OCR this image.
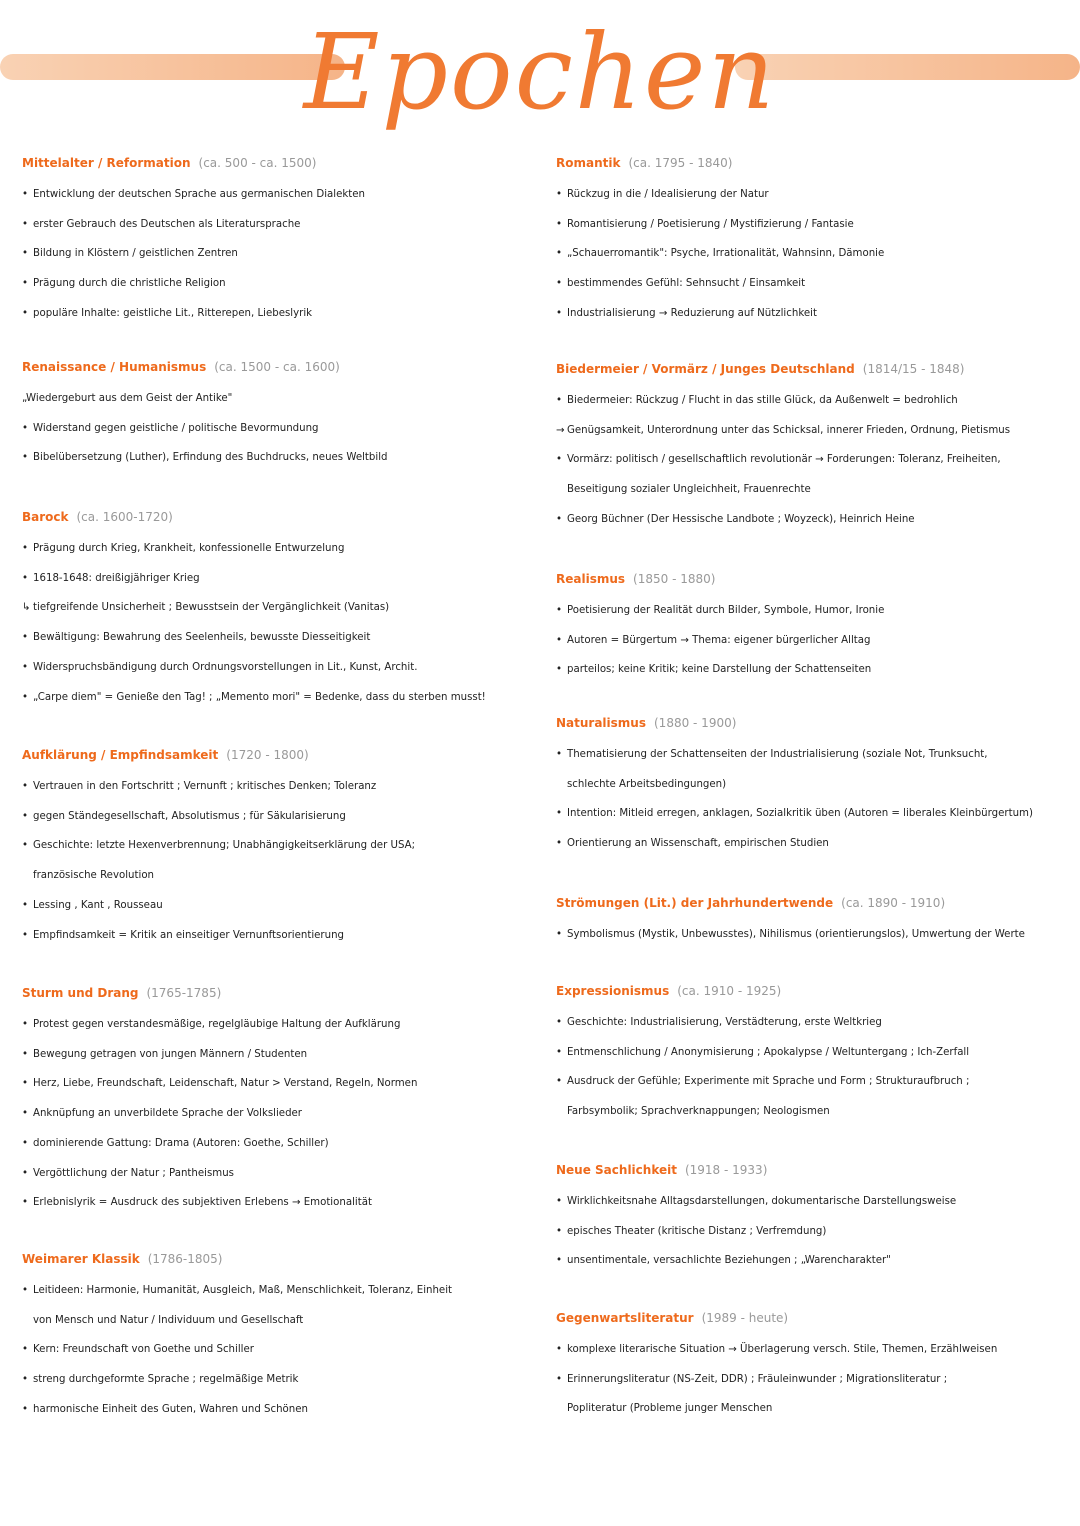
Epochen
Mittelalter / Reformation (ca. 500 - ca. 1500)
• Entwicklung der deutschen Sprache aus germanischen Dialekten
• erster Gebrauch des Deutschen als Literatursprache
• Bildung in Klöstern / geistlichen Zentren
• Prägung durch die christliche Religion
• populäre Inhalte: geistliche Lit., Ritterepen, Liebeslyrik
Renaissance / Humanismus (ca. 1500 - ca. 1600)
„Wiedergeburt aus dem Geist der Antike"
• Widerstand gegen geistliche / politische Bevormundung
• Bibelübersetzung (Luther), Erfindung des Buchdrucks, neues Weltbild
Barock (ca. 1600-1720)
• Prägung durch Krieg, Krankheit, konfessionelle Entwurzelung
• 1618-1648: dreißigjähriger Krieg
↳ tiefgreifende Unsicherheit ; Bewusstsein der Vergänglichkeit (Vanitas)
• Bewältigung: Bewahrung des Seelenheils, bewusste Diesseitigkeit
• Widerspruchsbändigung durch Ordnungsvorstellungen in Lit., Kunst, Archit.
• „Carpe diem" = Genieße den Tag! ; „Memento mori" = Bedenke, dass du sterben musst!
Aufklärung / Empfindsamkeit (1720 - 1800)
• Vertrauen in den Fortschritt ; Vernunft ; kritisches Denken; Toleranz
• gegen Ständegesellschaft, Absolutismus ; für Säkularisierung
• Geschichte: letzte Hexenverbrennung; Unabhängigkeitserklärung der USA;
französische Revolution
• Lessing , Kant , Rousseau
• Empfindsamkeit = Kritik an einseitiger Vernunftsorientierung
Sturm und Drang (1765-1785)
• Protest gegen verstandesmäßige, regelgläubige Haltung der Aufklärung
• Bewegung getragen von jungen Männern / Studenten
• Herz, Liebe, Freundschaft, Leidenschaft, Natur > Verstand, Regeln, Normen
• Anknüpfung an unverbildete Sprache der Volkslieder
• dominierende Gattung: Drama (Autoren: Goethe, Schiller)
• Vergöttlichung der Natur ; Pantheismus
• Erlebnislyrik = Ausdruck des subjektiven Erlebens → Emotionalität
Weimarer Klassik (1786-1805)
• Leitideen: Harmonie, Humanität, Ausgleich, Maß, Menschlichkeit, Toleranz, Einheit
von Mensch und Natur / Individuum und Gesellschaft
• Kern: Freundschaft von Goethe und Schiller
• streng durchgeformte Sprache ; regelmäßige Metrik
• harmonische Einheit des Guten, Wahren und Schönen
Romantik (ca. 1795 - 1840)
• Rückzug in die / Idealisierung der Natur
• Romantisierung / Poetisierung / Mystifizierung / Fantasie
• „Schauerromantik": Psyche, Irrationalität, Wahnsinn, Dämonie
• bestimmendes Gefühl: Sehnsucht / Einsamkeit
• Industrialisierung → Reduzierung auf Nützlichkeit
Biedermeier / Vormärz / Junges Deutschland (1814/15 - 1848)
• Biedermeier: Rückzug / Flucht in das stille Glück, da Außenwelt = bedrohlich
→ Genügsamkeit, Unterordnung unter das Schicksal, innerer Frieden, Ordnung, Pietismus
• Vormärz: politisch / gesellschaftlich revolutionär → Forderungen: Toleranz, Freiheiten,
Beseitigung sozialer Ungleichheit, Frauenrechte
• Georg Büchner (Der Hessische Landbote ; Woyzeck), Heinrich Heine
Realismus (1850 - 1880)
• Poetisierung der Realität durch Bilder, Symbole, Humor, Ironie
• Autoren = Bürgertum → Thema: eigener bürgerlicher Alltag
• parteilos; keine Kritik; keine Darstellung der Schattenseiten
Naturalismus (1880 - 1900)
• Thematisierung der Schattenseiten der Industrialisierung (soziale Not, Trunksucht,
schlechte Arbeitsbedingungen)
• Intention: Mitleid erregen, anklagen, Sozialkritik üben (Autoren = liberales Kleinbürgertum)
• Orientierung an Wissenschaft, empirischen Studien
Strömungen (Lit.) der Jahrhundertwende (ca. 1890 - 1910)
• Symbolismus (Mystik, Unbewusstes), Nihilismus (orientierungslos), Umwertung der Werte
Expressionismus (ca. 1910 - 1925)
• Geschichte: Industrialisierung, Verstädterung, erste Weltkrieg
• Entmenschlichung / Anonymisierung ; Apokalypse / Weltuntergang ; Ich-Zerfall
• Ausdruck der Gefühle; Experimente mit Sprache und Form ; Strukturaufbruch ;
Farbsymbolik; Sprachverknappungen; Neologismen
Neue Sachlichkeit (1918 - 1933)
• Wirklichkeitsnahe Alltagsdarstellungen, dokumentarische Darstellungsweise
• episches Theater (kritische Distanz ; Verfremdung)
• unsentimentale, versachlichte Beziehungen ; „Warencharakter"
Gegenwartsliteratur (1989 - heute)
• komplexe literarische Situation → Überlagerung versch. Stile, Themen, Erzählweisen
• Erinnerungsliteratur (NS-Zeit, DDR) ; Fräuleinwunder ; Migrationsliteratur ;
Popliteratur (Probleme junger Menschen
